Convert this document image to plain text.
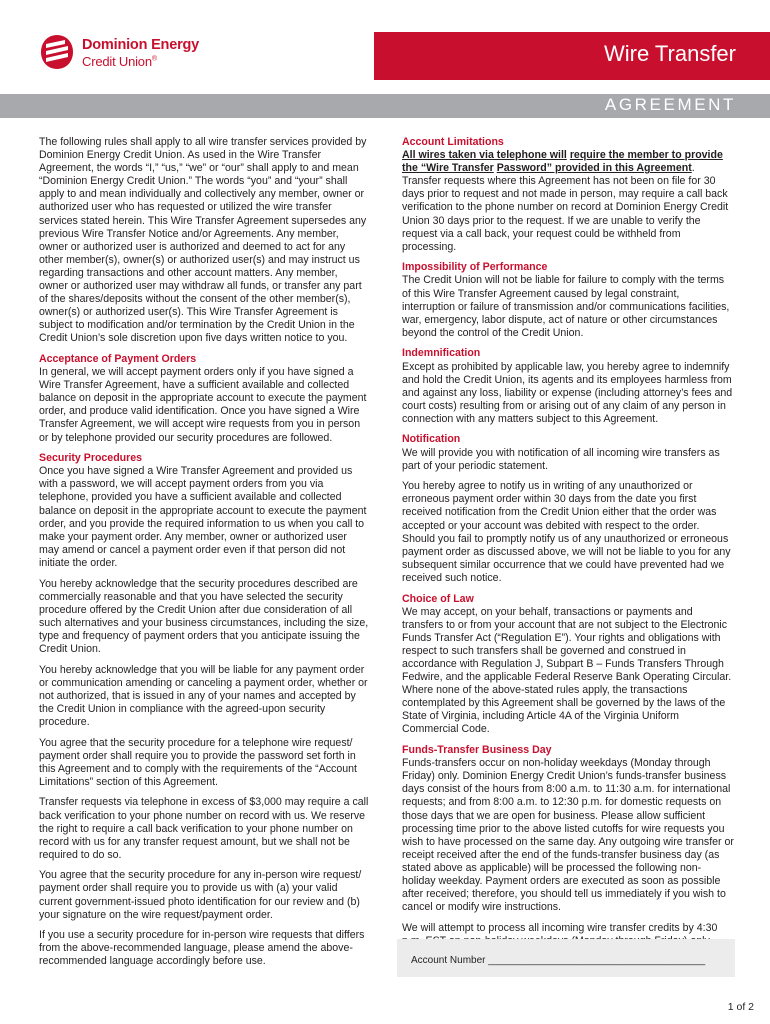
Dominion Energy
Credit Union®	Wire Transfer
AGREEMENT

The following rules shall apply to all wire transfer services provided by Dominion Energy Credit Union. As used in the Wire Transfer Agreement, the words “I,” “us,” “we” or “our” shall apply to and mean “Dominion Energy Credit Union.” The words “you” and “your” shall apply to and mean individually and collectively any member, owner or authorized user who has requested or utilized the wire transfer services stated herein. This Wire Transfer Agreement supersedes any previous Wire Transfer Notice and/or Agreements. Any member, owner or authorized user is authorized and deemed to act for any other member(s), owner(s) or authorized user(s) and may instruct us regarding transactions and other account matters. Any member, owner or authorized user may withdraw all funds, or transfer any part of the shares/deposits without the consent of the other member(s), owner(s) or authorized user(s). This Wire Transfer Agreement is subject to modification and/or termination by the Credit Union in the Credit Union’s sole discretion upon five days written notice to you.

Acceptance of Payment Orders

In general, we will accept payment orders only if you have signed a Wire Transfer Agreement, have a sufficient available and collected balance on deposit in the appropriate account to execute the payment order, and produce valid identification. Once you have signed a Wire Transfer Agreement, we will accept wire requests from you in person or by telephone provided our security procedures are followed.

Security Procedures

Once you have signed a Wire Transfer Agreement and provided us with a password, we will accept payment orders from you via telephone, provided you have a sufficient available and collected balance on deposit in the appropriate account to execute the payment order, and you provide the required information to us when you call to make your payment order. Any member, owner or authorized user may amend or cancel a payment order even if that person did not initiate the order.

You hereby acknowledge that the security procedures described are commercially reasonable and that you have selected the security procedure offered by the Credit Union after due consideration of all such alternatives and your business circumstances, including the size, type and frequency of payment orders that you anticipate issuing the Credit Union.

You hereby acknowledge that you will be liable for any payment order or communication amending or canceling a payment order, whether or not authorized, that is issued in any of your names and accepted by the Credit Union in compliance with the agreed-upon security procedure.

You agree that the security procedure for a telephone wire request/ payment order shall require you to provide the password set forth in this Agreement and to comply with the requirements of the “Account Limitations” section of this Agreement.

Transfer requests via telephone in excess of $3,000 may require a call back verification to your phone number on record with us. We reserve the right to require a call back verification to your phone number on record with us for any transfer request amount, but we shall not be required to do so.

You agree that the security procedure for any in-person wire request/ payment order shall require you to provide us with (a) your valid current government-issued photo identification for our review and (b) your signature on the wire request/payment order.

If you use a security procedure for in-person wire requests that differs from the above-recommended language, please amend the above-recommended language accordingly before use.

Account Limitations

All wires taken via telephone will require the member to provide the “Wire Transfer Password” provided in this Agreement. Transfer requests where this Agreement has not been on file for 30 days prior to request and not made in person, may require a call back verification to the phone number on record at Dominion Energy Credit Union 30 days prior to the request. If we are unable to verify the request via a call back, your request could be withheld from processing.

Impossibility of Performance

The Credit Union will not be liable for failure to comply with the terms of this Wire Transfer Agreement caused by legal constraint, interruption or failure of transmission and/or communications facilities, war, emergency, labor dispute, act of nature or other circumstances beyond the control of the Credit Union.

Indemnification

Except as prohibited by applicable law, you hereby agree to indemnify and hold the Credit Union, its agents and its employees harmless from and against any loss, liability or expense (including attorney’s fees and court costs) resulting from or arising out of any claim of any person in connection with any matters subject to this Agreement.

Notification

We will provide you with notification of all incoming wire transfers as part of your periodic statement.

You hereby agree to notify us in writing of any unauthorized or erroneous payment order within 30 days from the date you first received notification from the Credit Union either that the order was accepted or your account was debited with respect to the order. Should you fail to promptly notify us of any unauthorized or erroneous payment order as discussed above, we will not be liable to you for any subsequent similar occurrence that we could have prevented had we received such notice.

Choice of Law

We may accept, on your behalf, transactions or payments and transfers to or from your account that are not subject to the Electronic Funds Transfer Act (“Regulation E”). Your rights and obligations with respect to such transfers shall be governed and construed in accordance with Regulation J, Subpart B – Funds Transfers Through Fedwire, and the applicable Federal Reserve Bank Operating Circular. Where none of the above-stated rules apply, the transactions contemplated by this Agreement shall be governed by the laws of the State of Virginia, including Article 4A of the Virginia Uniform Commercial Code.

Funds-Transfer Business Day

Funds-transfers occur on non-holiday weekdays (Monday through Friday) only. Dominion Energy Credit Union’s funds-transfer business days consist of the hours from 8:00 a.m. to 11:30 a.m. for international requests; and from 8:00 a.m. to 12:30 p.m. for domestic requests on those days that we are open for business. Please allow sufficient processing time prior to the above listed cutoffs for wire requests you wish to have processed on the same day. Any outgoing wire transfer or receipt received after the end of the funds-transfer business day (as stated above as applicable) will be processed the following non-holiday weekday. Payment orders are executed as soon as possible after received; therefore, you should tell us immediately if you wish to cancel or modify wire instructions.

We will attempt to process all incoming wire transfer credits by 4:30

Account Number _______________________________________
1 of 2
